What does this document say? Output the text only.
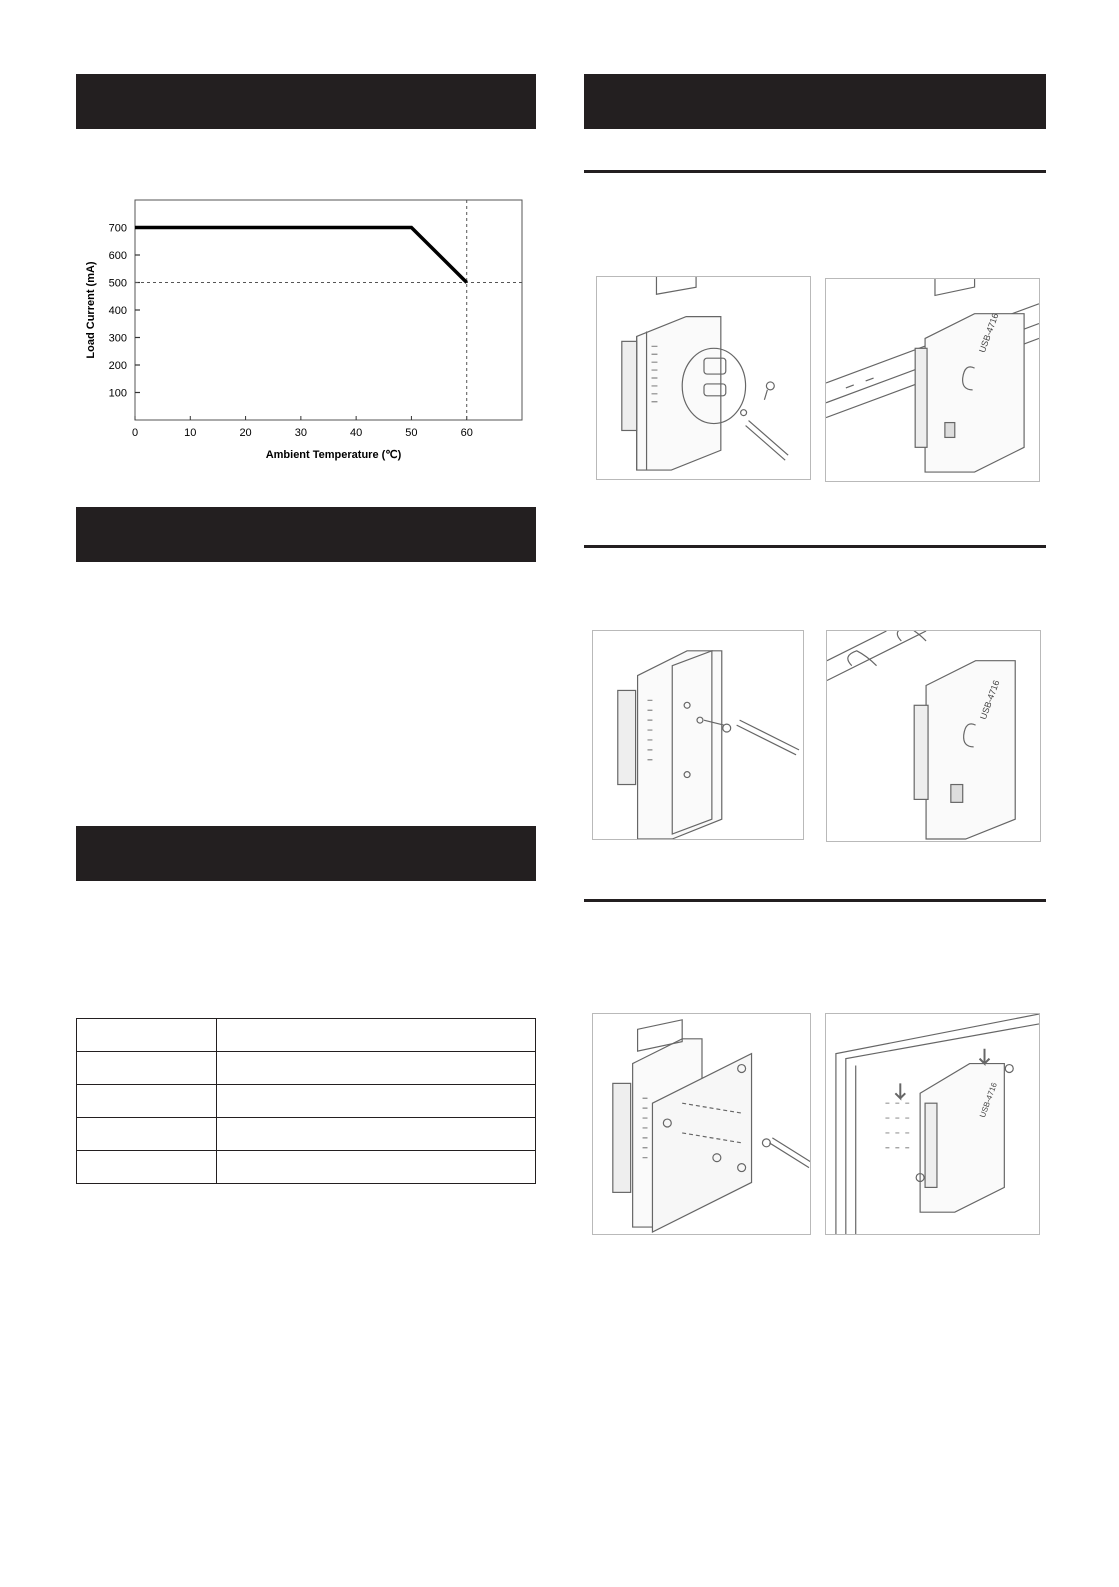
0	10	20	30	40	50	60
100
200
300
400
500
600
700
Ambient Temperature (℃)
Load Current (mA)

		USB-4716
USB-4716
USB-4716
